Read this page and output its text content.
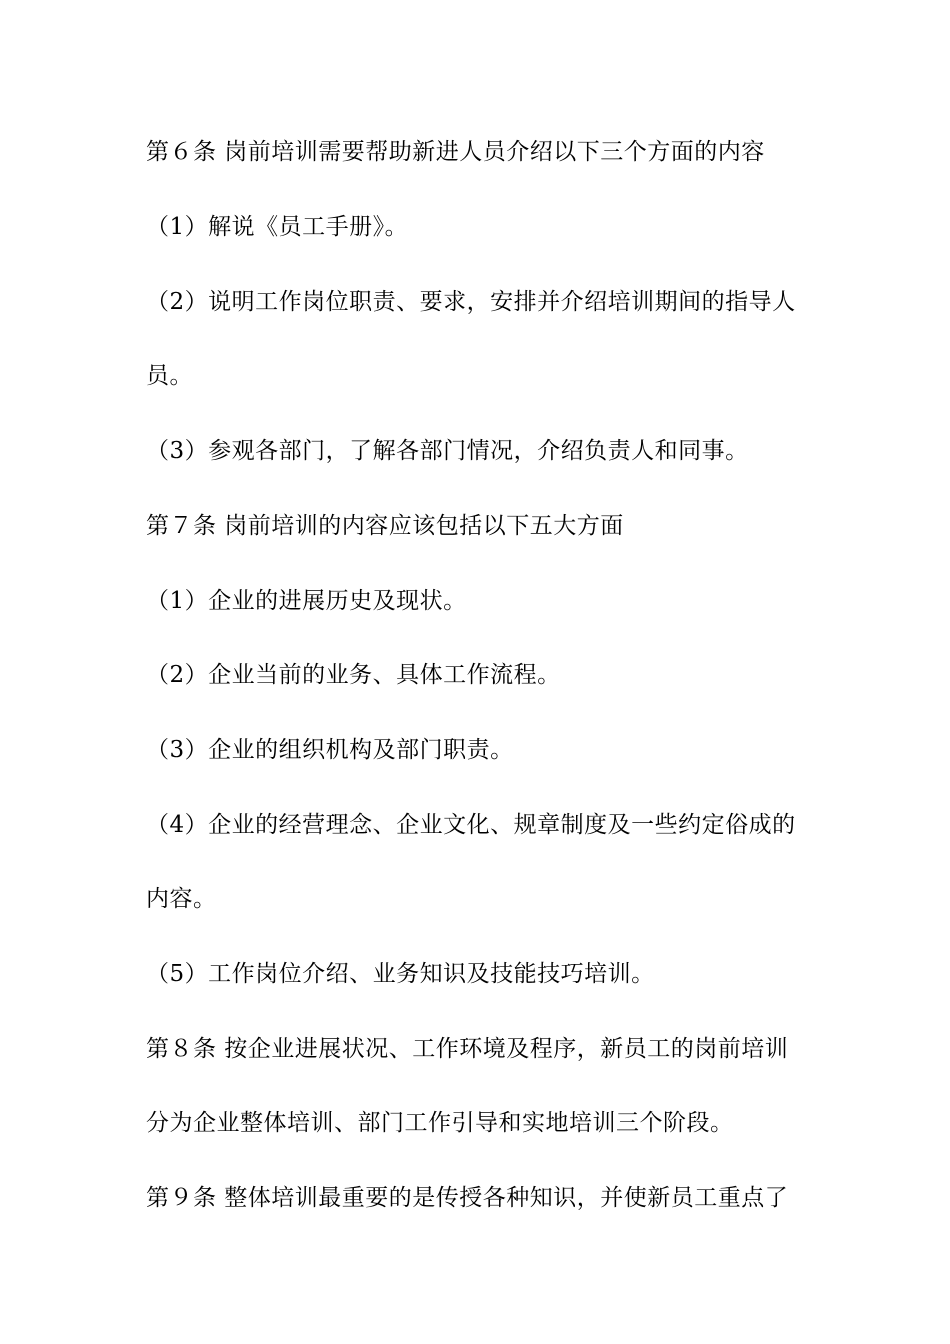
第６条 岗前培训需要帮助新进人员介绍以下三个方面的内容
（1）解说《员工手册》。
（2）说明工作岗位职责、要求，安排并介绍培训期间的指导人
员。
（3）参观各部门，了解各部门情况，介绍负责人和同事。
第７条 岗前培训的内容应该包括以下五大方面
（1）企业的进展历史及现状。
（2）企业当前的业务、具体工作流程。
（3）企业的组织机构及部门职责。
（4）企业的经营理念、企业文化、规章制度及一些约定俗成的
内容。
（5）工作岗位介绍、业务知识及技能技巧培训。
第８条 按企业进展状况、工作环境及程序，新员工的岗前培训
分为企业整体培训、部门工作引导和实地培训三个阶段。
第９条 整体培训最重要的是传授各种知识，并使新员工重点了
